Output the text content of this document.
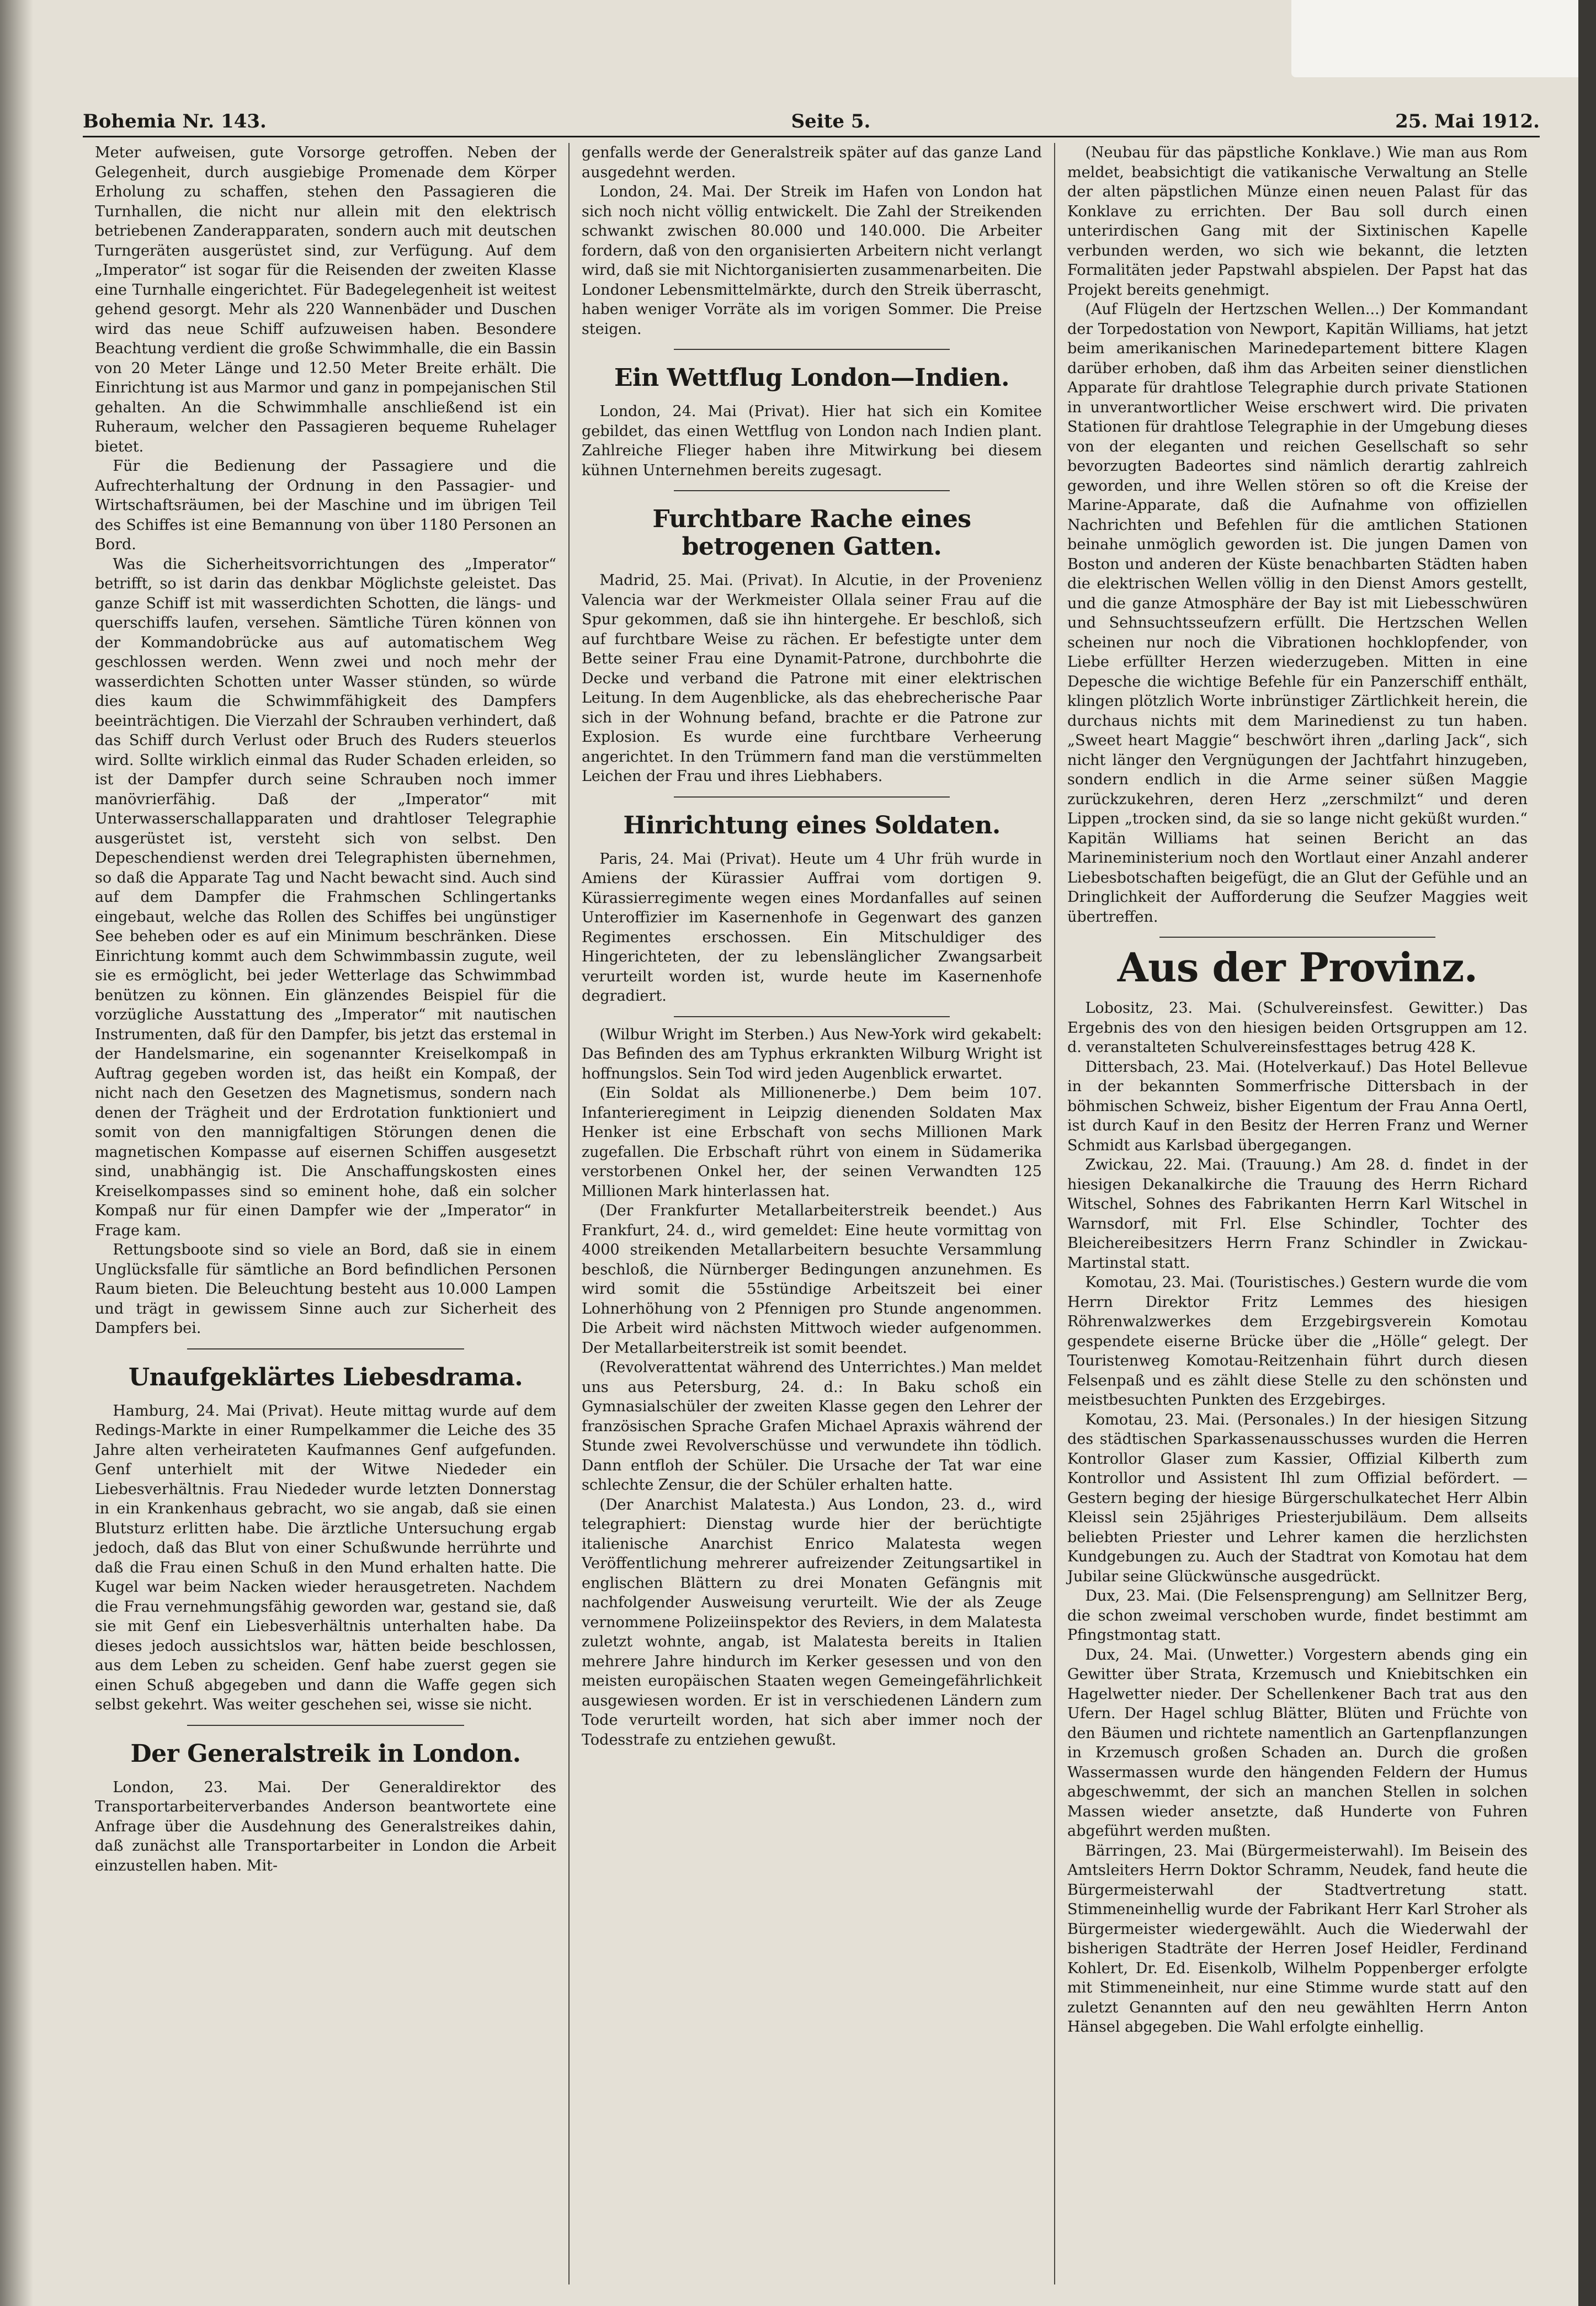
Bohemia Nr. 143.	Seite 5.	25. Mai 1912.

Meter aufweisen, gute Vorsorge getroffen. Neben der Gelegenheit, durch ausgiebige Promenade dem Körper Erholung zu schaffen, stehen den Passagieren die Turnhallen, die nicht nur allein mit den elektrisch betriebenen Zanderapparaten, sondern auch mit deutschen Turngeräten ausgerüstet sind, zur Verfügung. Auf dem „Imperator“ ist sogar für die Reisenden der zweiten Klasse eine Turnhalle eingerichtet. Für Badegelegenheit ist weitest gehend gesorgt. Mehr als 220 Wannenbäder und Duschen wird das neue Schiff aufzuweisen haben. Besondere Beachtung verdient die große Schwimmhalle, die ein Bassin von 20 Meter Länge und 12.50 Meter Breite erhält. Die Einrichtung ist aus Marmor und ganz in pompejanischen Stil gehalten. An die Schwimmhalle anschließend ist ein Ruheraum, welcher den Passagieren bequeme Ruhelager bietet.

Für die Bedienung der Passagiere und die Aufrechterhaltung der Ordnung in den Passagier- und Wirtschaftsräumen, bei der Maschine und im übrigen Teil des Schiffes ist eine Bemannung von über 1180 Personen an Bord.

Was die Sicherheitsvorrichtungen des „Imperator“ betrifft, so ist darin das denkbar Möglichste geleistet. Das ganze Schiff ist mit wasserdichten Schotten, die längs- und querschiffs laufen, versehen. Sämtliche Türen können von der Kommandobrücke aus auf automatischem Weg geschlossen werden. Wenn zwei und noch mehr der wasserdichten Schotten unter Wasser stünden, so würde dies kaum die Schwimmfähigkeit des Dampfers beeinträchtigen. Die Vierzahl der Schrauben verhindert, daß das Schiff durch Verlust oder Bruch des Ruders steuerlos wird. Sollte wirklich einmal das Ruder Schaden erleiden, so ist der Dampfer durch seine Schrauben noch immer manövrierfähig. Daß der „Imperator“ mit Unterwasserschallapparaten und drahtloser Telegraphie ausgerüstet ist, versteht sich von selbst. Den Depeschendienst werden drei Telegraphisten übernehmen, so daß die Apparate Tag und Nacht bewacht sind. Auch sind auf dem Dampfer die Frahmschen Schlingertanks eingebaut, welche das Rollen des Schiffes bei ungünstiger See beheben oder es auf ein Minimum beschränken. Diese Einrichtung kommt auch dem Schwimmbassin zugute, weil sie es ermöglicht, bei jeder Wetterlage das Schwimmbad benützen zu können. Ein glänzendes Beispiel für die vorzügliche Ausstattung des „Imperator“ mit nautischen Instrumenten, daß für den Dampfer, bis jetzt das erstemal in der Handelsmarine, ein sogenannter Kreiselkompaß in Auftrag gegeben worden ist, das heißt ein Kompaß, der nicht nach den Gesetzen des Magnetismus, sondern nach denen der Trägheit und der Erdrotation funktioniert und somit von den mannigfaltigen Störungen denen die magnetischen Kompasse auf eisernen Schiffen ausgesetzt sind, unabhängig ist. Die Anschaffungskosten eines Kreiselkompasses sind so eminent hohe, daß ein solcher Kompaß nur für einen Dampfer wie der „Imperator“ in Frage kam.

Rettungsboote sind so viele an Bord, daß sie in einem Unglücksfalle für sämtliche an Bord befindlichen Personen Raum bieten. Die Beleuchtung besteht aus 10.000 Lampen und trägt in gewissem Sinne auch zur Sicherheit des Dampfers bei.

Unaufgeklärtes Liebesdrama.

Hamburg, 24. Mai (Privat). Heute mittag wurde auf dem Redings-Markte in einer Rumpelkammer die Leiche des 35 Jahre alten verheirateten Kaufmannes Genf aufgefunden. Genf unterhielt mit der Witwe Niededer ein Liebesverhältnis. Frau Niededer wurde letzten Donnerstag in ein Krankenhaus gebracht, wo sie angab, daß sie einen Blutsturz erlitten habe. Die ärztliche Untersuchung ergab jedoch, daß das Blut von einer Schußwunde herrührte und daß die Frau einen Schuß in den Mund erhalten hatte. Die Kugel war beim Nacken wieder herausgetreten. Nachdem die Frau vernehmungsfähig geworden war, gestand sie, daß sie mit Genf ein Liebesverhältnis unterhalten habe. Da dieses jedoch aussichtslos war, hätten beide beschlossen, aus dem Leben zu scheiden. Genf habe zuerst gegen sie einen Schuß abgegeben und dann die Waffe gegen sich selbst gekehrt. Was weiter geschehen sei, wisse sie nicht.

Der Generalstreik in London.

London, 23. Mai. Der Generaldirektor des Transportarbeiterverbandes Anderson beantwortete eine Anfrage über die Ausdehnung des Generalstreikes dahin, daß zunächst alle Transportarbeiter in London die Arbeit einzustellen haben. Mit-

genfalls werde der Generalstreik später auf das ganze Land ausgedehnt werden.

London, 24. Mai. Der Streik im Hafen von London hat sich noch nicht völlig entwickelt. Die Zahl der Streikenden schwankt zwischen 80.000 und 140.000. Die Arbeiter fordern, daß von den organisierten Arbeitern nicht verlangt wird, daß sie mit Nichtorganisierten zusammenarbeiten. Die Londoner Lebensmittelmärkte, durch den Streik überrascht, haben weniger Vorräte als im vorigen Sommer. Die Preise steigen.

Ein Wettflug London—Indien.

London, 24. Mai (Privat). Hier hat sich ein Komitee gebildet, das einen Wettflug von London nach Indien plant. Zahlreiche Flieger haben ihre Mitwirkung bei diesem kühnen Unternehmen bereits zugesagt.

Furchtbare Rache eines betrogenen Gatten.

Madrid, 25. Mai. (Privat). In Alcutie, in der Provenienz Valencia war der Werkmeister Ollala seiner Frau auf die Spur gekommen, daß sie ihn hintergehe. Er beschloß, sich auf furchtbare Weise zu rächen. Er befestigte unter dem Bette seiner Frau eine Dynamit-Patrone, durchbohrte die Decke und verband die Patrone mit einer elektrischen Leitung. In dem Augenblicke, als das ehebrecherische Paar sich in der Wohnung befand, brachte er die Patrone zur Explosion. Es wurde eine furchtbare Verheerung angerichtet. In den Trümmern fand man die verstümmelten Leichen der Frau und ihres Liebhabers.

Hinrichtung eines Soldaten.

Paris, 24. Mai (Privat). Heute um 4 Uhr früh wurde in Amiens der Kürassier Auffrai vom dortigen 9. Kürassierregimente wegen eines Mordanfalles auf seinen Unteroffizier im Kasernenhofe in Gegenwart des ganzen Regimentes erschossen. Ein Mitschuldiger des Hingerichteten, der zu lebenslänglicher Zwangsarbeit verurteilt worden ist, wurde heute im Kasernenhofe degradiert.

(Wilbur Wright im Sterben.) Aus New-York wird gekabelt: Das Befinden des am Typhus erkrankten Wilburg Wright ist hoffnungslos. Sein Tod wird jeden Augenblick erwartet.

(Ein Soldat als Millionenerbe.) Dem beim 107. Infanterieregiment in Leipzig dienenden Soldaten Max Henker ist eine Erbschaft von sechs Millionen Mark zugefallen. Die Erbschaft rührt von einem in Südamerika verstorbenen Onkel her, der seinen Verwandten 125 Millionen Mark hinterlassen hat.

(Der Frankfurter Metallarbeiterstreik beendet.) Aus Frankfurt, 24. d., wird gemeldet: Eine heute vormittag von 4000 streikenden Metallarbeitern besuchte Versammlung beschloß, die Nürnberger Bedingungen anzunehmen. Es wird somit die 55stündige Arbeitszeit bei einer Lohnerhöhung von 2 Pfennigen pro Stunde angenommen. Die Arbeit wird nächsten Mittwoch wieder aufgenommen. Der Metallarbeiterstreik ist somit beendet.

(Revolverattentat während des Unterrichtes.) Man meldet uns aus Petersburg, 24. d.: In Baku schoß ein Gymnasialschüler der zweiten Klasse gegen den Lehrer der französischen Sprache Grafen Michael Apraxis während der Stunde zwei Revolverschüsse und verwundete ihn tödlich. Dann entfloh der Schüler. Die Ursache der Tat war eine schlechte Zensur, die der Schüler erhalten hatte.

(Der Anarchist Malatesta.) Aus London, 23. d., wird telegraphiert: Dienstag wurde hier der berüchtigte italienische Anarchist Enrico Malatesta wegen Veröffentlichung mehrerer aufreizender Zeitungsartikel in englischen Blättern zu drei Monaten Gefängnis mit nachfolgender Ausweisung verurteilt. Wie der als Zeuge vernommene Polizeiinspektor des Reviers, in dem Malatesta zuletzt wohnte, angab, ist Malatesta bereits in Italien mehrere Jahre hindurch im Kerker gesessen und von den meisten europäischen Staaten wegen Gemeingefährlichkeit ausgewiesen worden. Er ist in verschiedenen Ländern zum Tode verurteilt worden, hat sich aber immer noch der Todesstrafe zu entziehen gewußt.

(Neubau für das päpstliche Konklave.) Wie man aus Rom meldet, beabsichtigt die vatikanische Verwaltung an Stelle der alten päpstlichen Münze einen neuen Palast für das Konklave zu errichten. Der Bau soll durch einen unterirdischen Gang mit der Sixtinischen Kapelle verbunden werden, wo sich wie bekannt, die letzten Formalitäten jeder Papstwahl abspielen. Der Papst hat das Projekt bereits genehmigt.

(Auf Flügeln der Hertzschen Wellen...) Der Kommandant der Torpedostation von Newport, Kapitän Williams, hat jetzt beim amerikanischen Marinedepartement bittere Klagen darüber erhoben, daß ihm das Arbeiten seiner dienstlichen Apparate für drahtlose Telegraphie durch private Stationen in unverantwortlicher Weise erschwert wird. Die privaten Stationen für drahtlose Telegraphie in der Umgebung dieses von der eleganten und reichen Gesellschaft so sehr bevorzugten Badeortes sind nämlich derartig zahlreich geworden, und ihre Wellen stören so oft die Kreise der Marine-Apparate, daß die Aufnahme von offiziellen Nachrichten und Befehlen für die amtlichen Stationen beinahe unmöglich geworden ist. Die jungen Damen von Boston und anderen der Küste benachbarten Städten haben die elektrischen Wellen völlig in den Dienst Amors gestellt, und die ganze Atmosphäre der Bay ist mit Liebesschwüren und Sehnsuchtsseufzern erfüllt. Die Hertzschen Wellen scheinen nur noch die Vibrationen hochklopfender, von Liebe erfüllter Herzen wiederzugeben. Mitten in eine Depesche die wichtige Befehle für ein Panzerschiff enthält, klingen plötzlich Worte inbrünstiger Zärtlichkeit herein, die durchaus nichts mit dem Marinedienst zu tun haben. „Sweet heart Maggie“ beschwört ihren „darling Jack“, sich nicht länger den Vergnügungen der Jachtfahrt hinzugeben, sondern endlich in die Arme seiner süßen Maggie zurückzukehren, deren Herz „zerschmilzt“ und deren Lippen „trocken sind, da sie so lange nicht geküßt wurden.“ Kapitän Williams hat seinen Bericht an das Marineministerium noch den Wortlaut einer Anzahl anderer Liebesbotschaften beigefügt, die an Glut der Gefühle und an Dringlichkeit der Aufforderung die Seufzer Maggies weit übertreffen.

Aus der Provinz.

Lobositz, 23. Mai. (Schulvereinsfest. Gewitter.) Das Ergebnis des von den hiesigen beiden Ortsgruppen am 12. d. veranstalteten Schulvereinsfesttages betrug 428 K.

Dittersbach, 23. Mai. (Hotelverkauf.) Das Hotel Bellevue in der bekannten Sommerfrische Dittersbach in der böhmischen Schweiz, bisher Eigentum der Frau Anna Oertl, ist durch Kauf in den Besitz der Herren Franz und Werner Schmidt aus Karlsbad übergegangen.

Zwickau, 22. Mai. (Trauung.) Am 28. d. findet in der hiesigen Dekanalkirche die Trauung des Herrn Richard Witschel, Sohnes des Fabrikanten Herrn Karl Witschel in Warnsdorf, mit Frl. Else Schindler, Tochter des Bleichereibesitzers Herrn Franz Schindler in Zwickau-Martinstal statt.

Komotau, 23. Mai. (Touristisches.) Gestern wurde die vom Herrn Direktor Fritz Lemmes des hiesigen Röhrenwalzwerkes dem Erzgebirgsverein Komotau gespendete eiserne Brücke über die „Hölle“ gelegt. Der Touristenweg Komotau-Reitzenhain führt durch diesen Felsenpaß und es zählt diese Stelle zu den schönsten und meistbesuchten Punkten des Erzgebirges.

Komotau, 23. Mai. (Personales.) In der hiesigen Sitzung des städtischen Sparkassenausschusses wurden die Herren Kontrollor Glaser zum Kassier, Offizial Kilberth zum Kontrollor und Assistent Ihl zum Offizial befördert. — Gestern beging der hiesige Bürgerschulkatechet Herr Albin Kleissl sein 25jähriges Priesterjubiläum. Dem allseits beliebten Priester und Lehrer kamen die herzlichsten Kundgebungen zu. Auch der Stadtrat von Komotau hat dem Jubilar seine Glückwünsche ausgedrückt.

Dux, 23. Mai. (Die Felsensprengung) am Sellnitzer Berg, die schon zweimal verschoben wurde, findet bestimmt am Pfingstmontag statt.

Dux, 24. Mai. (Unwetter.) Vorgestern abends ging ein Gewitter über Strata, Krzemusch und Kniebitschken ein Hagelwetter nieder. Der Schellenkener Bach trat aus den Ufern. Der Hagel schlug Blätter, Blüten und Früchte von den Bäumen und richtete namentlich an Gartenpflanzungen in Krzemusch großen Schaden an. Durch die großen Wassermassen wurde den hängenden Feldern der Humus abgeschwemmt, der sich an manchen Stellen in solchen Massen wieder ansetzte, daß Hunderte von Fuhren abgeführt werden mußten.

Bärringen, 23. Mai (Bürgermeisterwahl). Im Beisein des Amtsleiters Herrn Doktor Schramm, Neudek, fand heute die Bürgermeisterwahl der Stadtvertretung statt. Stimmeneinhellig wurde der Fabrikant Herr Karl Stroher als Bürgermeister wiedergewählt. Auch die Wiederwahl der bisherigen Stadträte der Herren Josef Heidler, Ferdinand Kohlert, Dr. Ed. Eisenkolb, Wilhelm Poppenberger erfolgte mit Stimmeneinheit, nur eine Stimme wurde statt auf den zuletzt Genannten auf den neu gewählten Herrn Anton Hänsel abgegeben. Die Wahl erfolgte einhellig.
